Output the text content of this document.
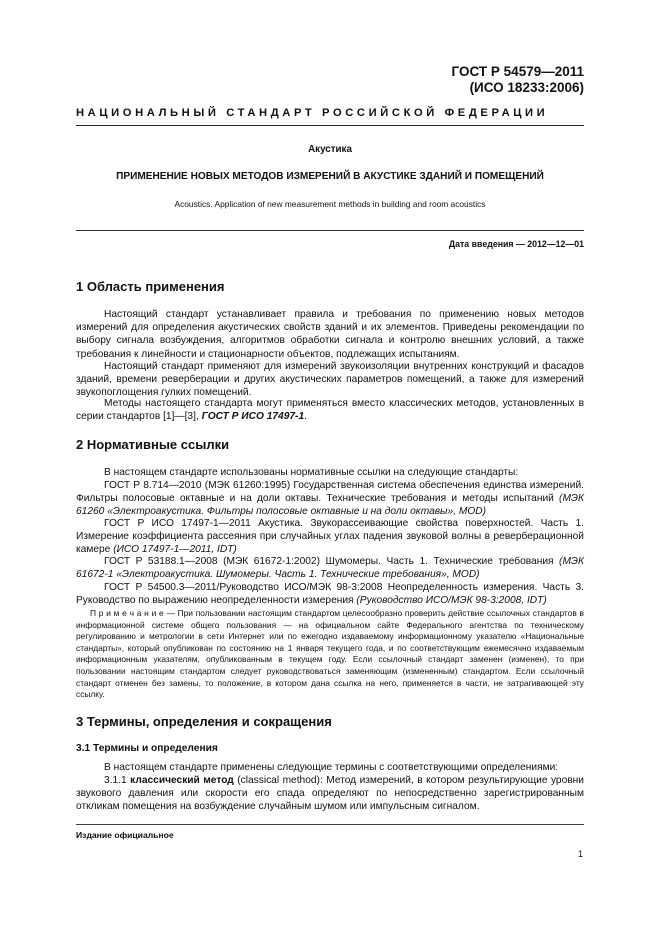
ГОСТ Р 54579—2011
(ИСО 18233:2006)
НАЦИОНАЛЬНЫЙ СТАНДАРТ РОССИЙСКОЙ ФЕДЕРАЦИИ
Акустика
ПРИМЕНЕНИЕ НОВЫХ МЕТОДОВ ИЗМЕРЕНИЙ В АКУСТИКЕ ЗДАНИЙ И ПОМЕЩЕНИЙ
Acoustics. Application of new measurement methods in building and room acoustics
Дата введения — 2012—12—01
1 Область применения
Настоящий стандарт устанавливает правила и требования по применению новых методов измерений для определения акустических свойств зданий и их элементов. Приведены рекомендации по выбору сигнала возбуждения, алгоритмов обработки сигнала и контролю внешних условий, а также требования к линейности и стационарности объектов, подлежащих испытаниям.
Настоящий стандарт применяют для измерений звукоизоляции внутренних конструкций и фасадов зданий, времени реверберации и других акустических параметров помещений, а также для измерений звукопоглощения гулких помещений.
Методы настоящего стандарта могут применяться вместо классических методов, установленных в серии стандартов [1]—[3], ГОСТ Р ИСО 17497-1.
2 Нормативные ссылки
В настоящем стандарте использованы нормативные ссылки на следующие стандарты:
ГОСТ Р 8.714—2010 (МЭК 61260:1995) Государственная система обеспечения единства измерений. Фильтры полосовые октавные и на доли октавы. Технические требования и методы испытаний (МЭК 61260 «Электроакустика. Фильтры полосовые октавные и на доли октавы», MOD)
ГОСТ Р ИСО 17497-1—2011 Акустика. Звукорассеивающие свойства поверхностей. Часть 1. Измерение коэффициента рассеяния при случайных углах падения звуковой волны в реверберационной камере (ИСО 17497-1—2011, IDT)
ГОСТ Р 53188.1—2008 (МЭК 61672-1:2002) Шумомеры. Часть 1. Технические требования (МЭК 61672-1 «Электроакустика. Шумомеры. Часть 1. Технические требования», MOD)
ГОСТ Р 54500.3—2011/Руководство ИСО/МЭК 98-3:2008 Неопределенность измерения. Часть 3. Руководство по выражению неопределенности измерения (Руководство ИСО/МЭК 98-3:2008, IDT)
П р и м е ч а н и е — При пользовании настоящим стандартом целесообразно проверить действие ссылочных стандартов в информационной системе общего пользования — на официальном сайте Федерального агентства по техническому регулированию и метрологии в сети Интернет или по ежегодно издаваемому информационному указателю «Национальные стандарты», который опубликован по состоянию на 1 января текущего года, и по соответствующим ежемесячно издаваемым информационным указателям, опубликованным в текущем году. Если ссылочный стандарт заменен (изменен), то при пользовании настоящим стандартом следует руководствоваться заменяющим (измененным) стандартом. Если ссылочный стандарт отменен без замены, то положение, в котором дана ссылка на него, применяется в части, не затрагивающей эту ссылку.
3 Термины, определения и сокращения
3.1 Термины и определения
В настоящем стандарте применены следующие термины с соответствующими определениями:
3.1.1 классический метод (classical method): Метод измерений, в котором результирующие уровни звукового давления или скорости его спада определяют по непосредственно зарегистрированным откликам помещения на возбуждение случайным шумом или импульсным сигналом.
Издание официальное
1
